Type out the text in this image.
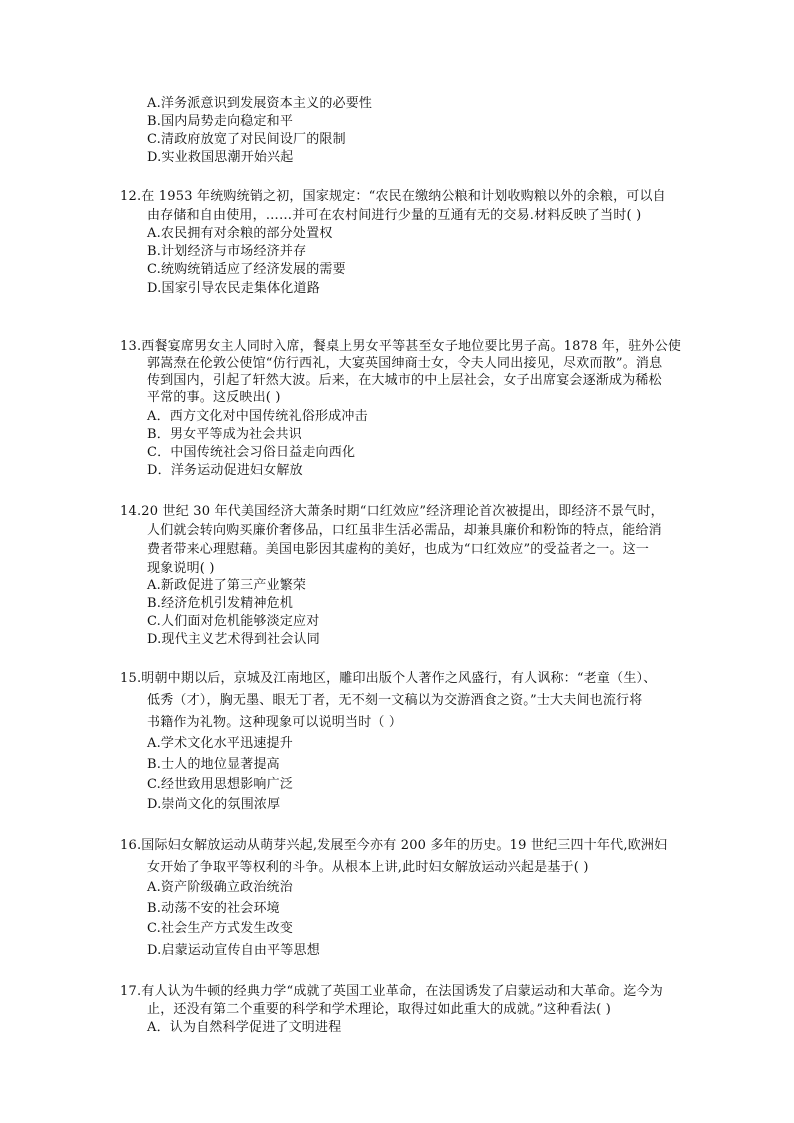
A.洋务派意识到发展资本主义的必要性
B.国内局势走向稳定和平
C.清政府放宽了对民间设厂的限制
D.实业救国思潮开始兴起
12.在 1953 年统购统销之初，国家规定：“农民在缴纳公粮和计划收购粮以外的余粮，可以自
由存储和自由使用，……并可在农村间进行少量的互通有无的交易.材料反映了当时( )
A.农民拥有对余粮的部分处置权
B.计划经济与市场经济并存
C.统购统销适应了经济发展的需要
D.国家引导农民走集体化道路
13.西餐宴席男女主人同时入席，餐桌上男女平等甚至女子地位要比男子高。1878 年，驻外公使
郭嵩焘在伦敦公使馆“仿行西礼，大宴英国绅商士女，令夫人同出接见，尽欢而散”。消息
传到国内，引起了轩然大波。后来，在大城市的中上层社会，女子出席宴会逐渐成为稀松
平常的事。这反映出( )
A．西方文化对中国传统礼俗形成冲击
B．男女平等成为社会共识
C．中国传统社会习俗日益走向西化
D．洋务运动促进妇女解放
14.20 世纪 30 年代美国经济大萧条时期“口红效应”经济理论首次被提出，即经济不景气时，
人们就会转向购买廉价奢侈品，口红虽非生活必需品，却兼具廉价和粉饰的特点，能给消
费者带来心理慰藉。美国电影因其虚构的美好，也成为“口红效应”的受益者之一。这一
现象说明( )
A.新政促进了第三产业繁荣
B.经济危机引发精神危机
C.人们面对危机能够淡定应对
D.现代主义艺术得到社会认同
15.明朝中期以后，京城及江南地区，雕印出版个人著作之风盛行，有人讽称：“老童（生）、
低秀（才），胸无墨、眼无丁者，无不刻一文稿以为交游酒食之资。”士大夫间也流行将
书籍作为礼物。这种现象可以说明当时（ ）
A.学术文化水平迅速提升
B.士人的地位显著提高
C.经世致用思想影响广泛
D.崇尚文化的氛围浓厚
16.国际妇女解放运动从萌芽兴起,发展至今亦有 200 多年的历史。19 世纪三四十年代,欧洲妇
女开始了争取平等权利的斗争。从根本上讲,此时妇女解放运动兴起是基于( )
A.资产阶级确立政治统治
B.动荡不安的社会环境
C.社会生产方式发生改变
D.启蒙运动宣传自由平等思想
17.有人认为牛顿的经典力学“成就了英国工业革命，在法国诱发了启蒙运动和大革命。迄今为
止，还没有第二个重要的科学和学术理论，取得过如此重大的成就。”这种看法( )
A．认为自然科学促进了文明进程
